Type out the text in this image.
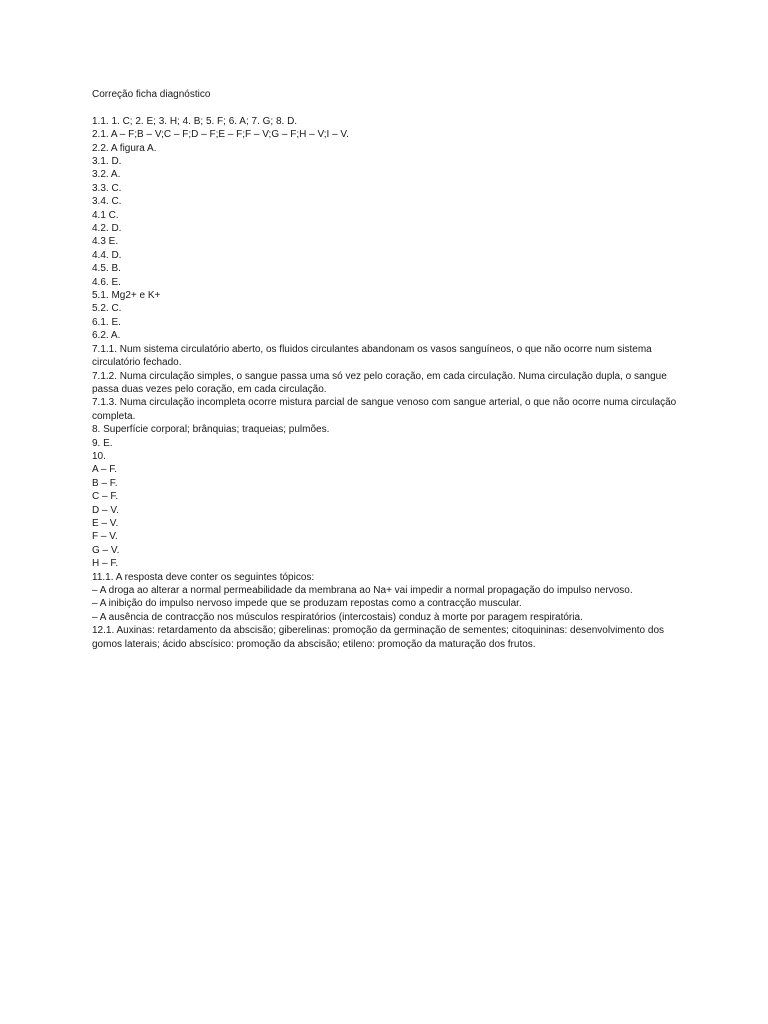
Correção ficha diagnóstico

1.1. 1. C; 2. E; 3. H; 4. B; 5. F; 6. A; 7. G; 8. D.

2.1. A – F;B – V;C – F;D – F;E – F;F – V;G – F;H – V;I – V.

2.2. A figura A.

3.1. D.

3.2. A.

3.3. C.

3.4. C.

4.1 C.

4.2. D.

4.3 E.

4.4. D.

4.5. B.

4.6. E.

5.1. Mg2+ e K+

5.2. C.

6.1. E.

6.2. A.

7.1.1. Num sistema circulatório aberto, os fluidos circulantes abandonam os vasos sanguíneos, o que não ocorre num sistema circulatório fechado.

7.1.2. Numa circulação simples, o sangue passa uma só vez pelo coração, em cada circulação. Numa circulação dupla, o sangue passa duas vezes pelo coração, em cada circulação.

7.1.3. Numa circulação incompleta ocorre mistura parcial de sangue venoso com sangue arterial, o que não ocorre numa circulação completa.

8. Superfície corporal; brânquias; traqueias; pulmões.

9. E.

10.

A – F.

B – F.

C – F.

D – V.

E – V.

F – V.

G – V.

H – F.

11.1. A resposta deve conter os seguintes tópicos:

– A droga ao alterar a normal permeabilidade da membrana ao Na+ vai impedir a normal propagação do impulso nervoso.

– A inibição do impulso nervoso impede que se produzam repostas como a contracção muscular.

– A ausência de contracção nos músculos respiratórios (intercostais) conduz à morte por paragem respiratória.

12.1. Auxinas: retardamento da abscisão; giberelinas: promoção da germinação de sementes; citoquininas: desenvolvimento dos gomos laterais; ácido abscísico: promoção da abscisão; etileno: promoção da maturação dos frutos.
